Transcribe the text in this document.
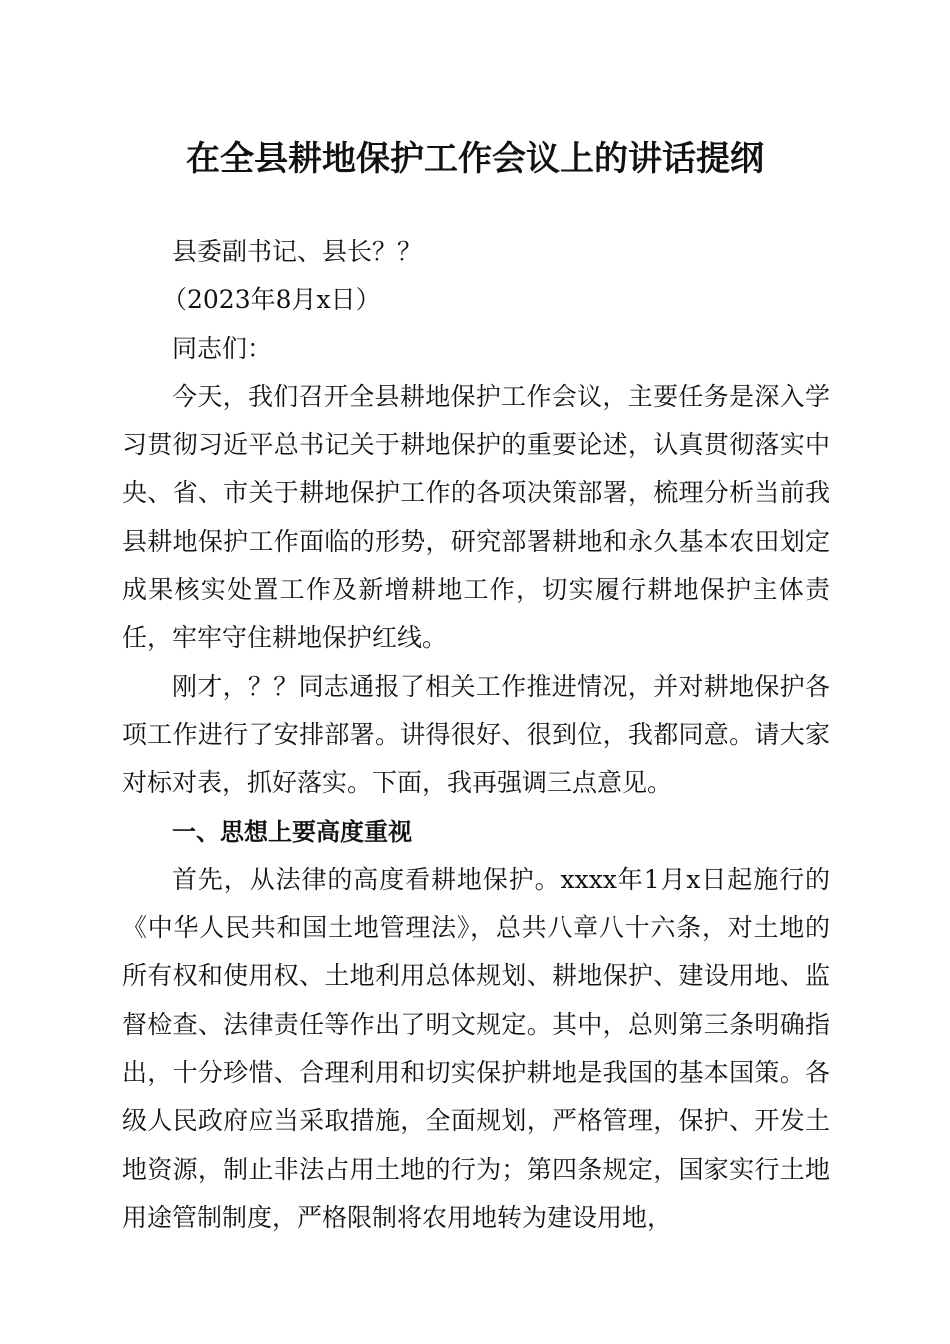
在全县耕地保护工作会议上的讲话提纲

县委副书记、县长？？

（2023年8月x日）

同志们：

今天，我们召开全县耕地保护工作会议，主要任务是深入学习贯彻习近平总书记关于耕地保护的重要论述，认真贯彻落实中央、省、市关于耕地保护工作的各项决策部署，梳理分析当前我县耕地保护工作面临的形势，研究部署耕地和永久基本农田划定成果核实处置工作及新增耕地工作，切实履行耕地保护主体责任，牢牢守住耕地保护红线。

刚才，？？同志通报了相关工作推进情况，并对耕地保护各项工作进行了安排部署。讲得很好、很到位，我都同意。请大家对标对表，抓好落实。下面，我再强调三点意见。

一、思想上要高度重视

首先，从法律的高度看耕地保护。xxxx年1月x日起施行的《中华人民共和国土地管理法》，总共八章八十六条，对土地的所有权和使用权、土地利用总体规划、耕地保护、建设用地、监督检查、法律责任等作出了明文规定。其中，总则第三条明确指出，十分珍惜、合理利用和切实保护耕地是我国的基本国策。各级人民政府应当采取措施，全面规划，严格管理，保护、开发土地资源，制止非法占用土地的行为；第四条规定，国家实行土地用途管制制度，严格限制将农用地转为建设用地，
